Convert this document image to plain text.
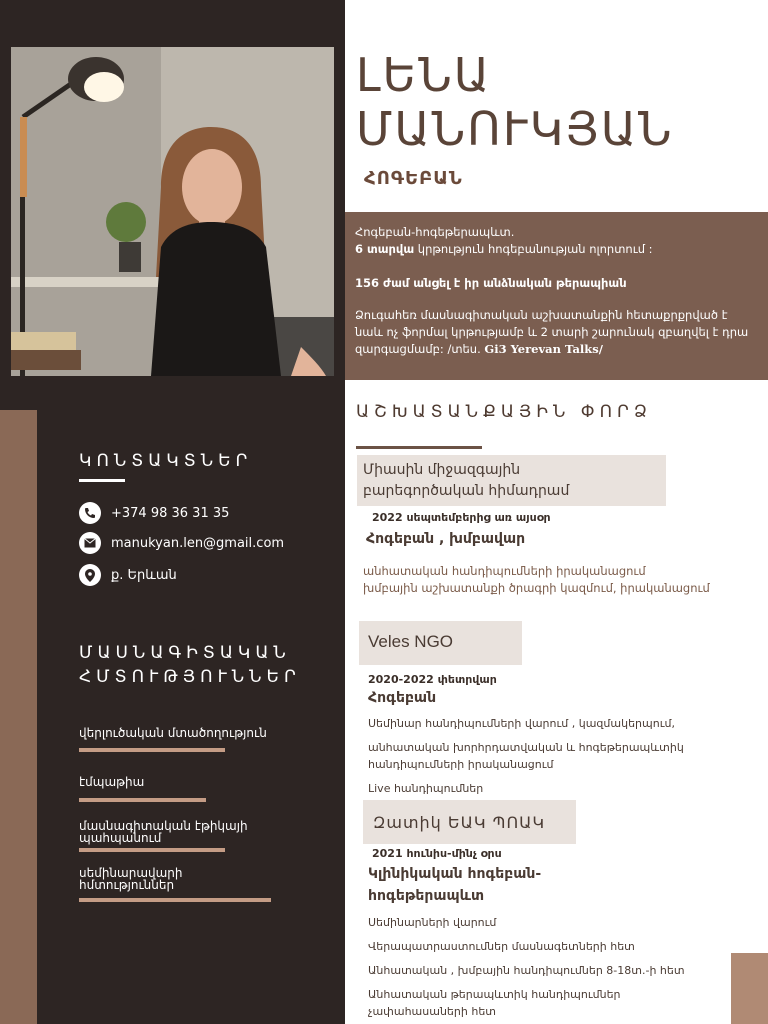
ԿՈՆՏԱԿՏՆԵՐ
+374 98 36 31 35
manukyan.len@gmail.com
ք. Երևան
ՄԱՍՆԱԳԻՏԱԿԱՆ
ՀՄՏՈՒԹՅՈՒՆՆԵՐ
վերլուծական մտածողություն
էմպաթիա
մասնագիտական էթիկայի պահպանում
սեմինարավարի հմտություններ
ԼԵՆԱ
ՄԱՆՈՒԿՅԱՆ
ՀՈԳԵԲԱՆ

Հոգեբան-հոգեթերապևտ.

6 տարվա կրթություն հոգեբանության ոլորտում :

156 ժամ անցել է իր անձնական թերապիան

Ձուգահեռ մասնագիտական աշխատանքին հետաքրքրված է

նաև ոչ ֆորմալ կրթությամբ և 2 տարի շարունակ զբաղվել է դրա

զարգացմամբ: /տես. Gi3 Yerevan Talks/

ԱՇԽԱՏԱՆՔԱՅԻՆ ՓՈՐՁ
Միասին միջազգային
բարեգործական հիմադրամ
2022 սեպտեմբերից առ այսօր
Հոգեբան , խմբավար
անհատական հանդիպումների իրականացում
խմբային աշխատանքի ծրագրի կազմում, իրականացում
Veles NGO
2020-2022 փետրվար
Հոգեբան
Սեմինար հանդիպումների վարում , կազմակերպում,
անհատական խորհրդատվական և հոգեթերապևտիկ
հանդիպումների իրականացում
Live հանդիպումներ
Զատիկ ԵԱԿ ՊՈԱԿ
2021 հունիս-մինչ օրս
Կլինիկական հոգեբան-
հոգեթերապևտ
Սեմինարների վարում
Վերապատրաստումներ մասնագետների հետ
Անհատական , խմբային հանդիպումներ 8-18տ.-ի հետ
Անհատական թերապևտիկ հանդիպումներ
չափահասաների հետ
